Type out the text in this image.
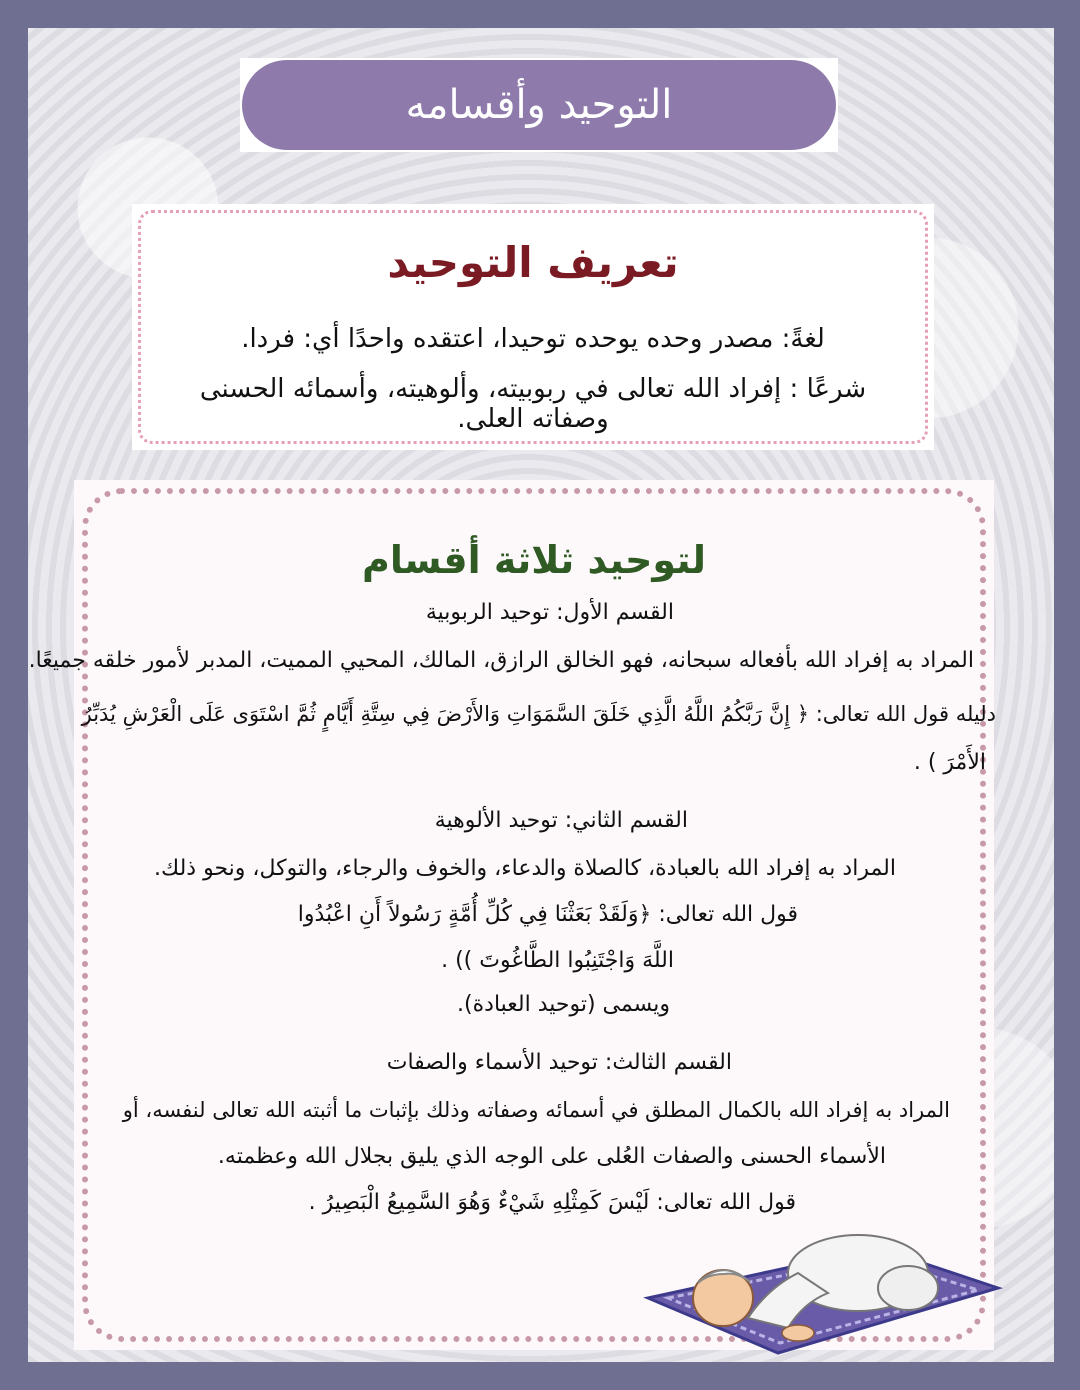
التوحيد وأقسامه
تعريف التوحيد
لغةً: مصدر وحده يوحده توحيدا، اعتقده واحدًا أي: فردا.
شرعًا : إفراد الله تعالى في ربوبيته، وألوهيته، وأسمائه الحسنى وصفاته العلى.
لتوحيد ثلاثة أقسام
القسم الأول: توحيد الربوبية
المراد به إفراد الله بأفعاله سبحانه، فهو الخالق الرازق، المالك، المحيي المميت، المدبر لأمور خلقه جميعًا.
دليله قول الله تعالى: ﴿ إِنَّ رَبَّكُمُ اللَّهُ الَّذِي خَلَقَ السَّمَوَاتِ وَالأَرْضَ فِي سِتَّةِ أَيَّامٍ ثُمَّ اسْتَوَى عَلَى الْعَرْشِ يُدَبِّرُ
الأَمْرَ ) .
القسم الثاني: توحيد الألوهية
المراد به إفراد الله بالعبادة، كالصلاة والدعاء، والخوف والرجاء، والتوكل، ونحو ذلك.
قول الله تعالى: ﴿وَلَقَدْ بَعَثْنَا فِي كُلِّ أُمَّةٍ رَسُولاً أَنِ اعْبُدُوا
اللَّهَ وَاجْتَنِبُوا الطَّاغُوتَ )) .
ويسمى (توحيد العبادة).
القسم الثالث: توحيد الأسماء والصفات
المراد به إفراد الله بالكمال المطلق في أسمائه وصفاته وذلك بإثبات ما أثبته الله تعالى لنفسه، أو
الأسماء الحسنى والصفات العُلى على الوجه الذي يليق بجلال الله وعظمته.
قول الله تعالى: لَيْسَ كَمِثْلِهِ شَيْءٌ وَهُوَ السَّمِيعُ الْبَصِيرُ .
